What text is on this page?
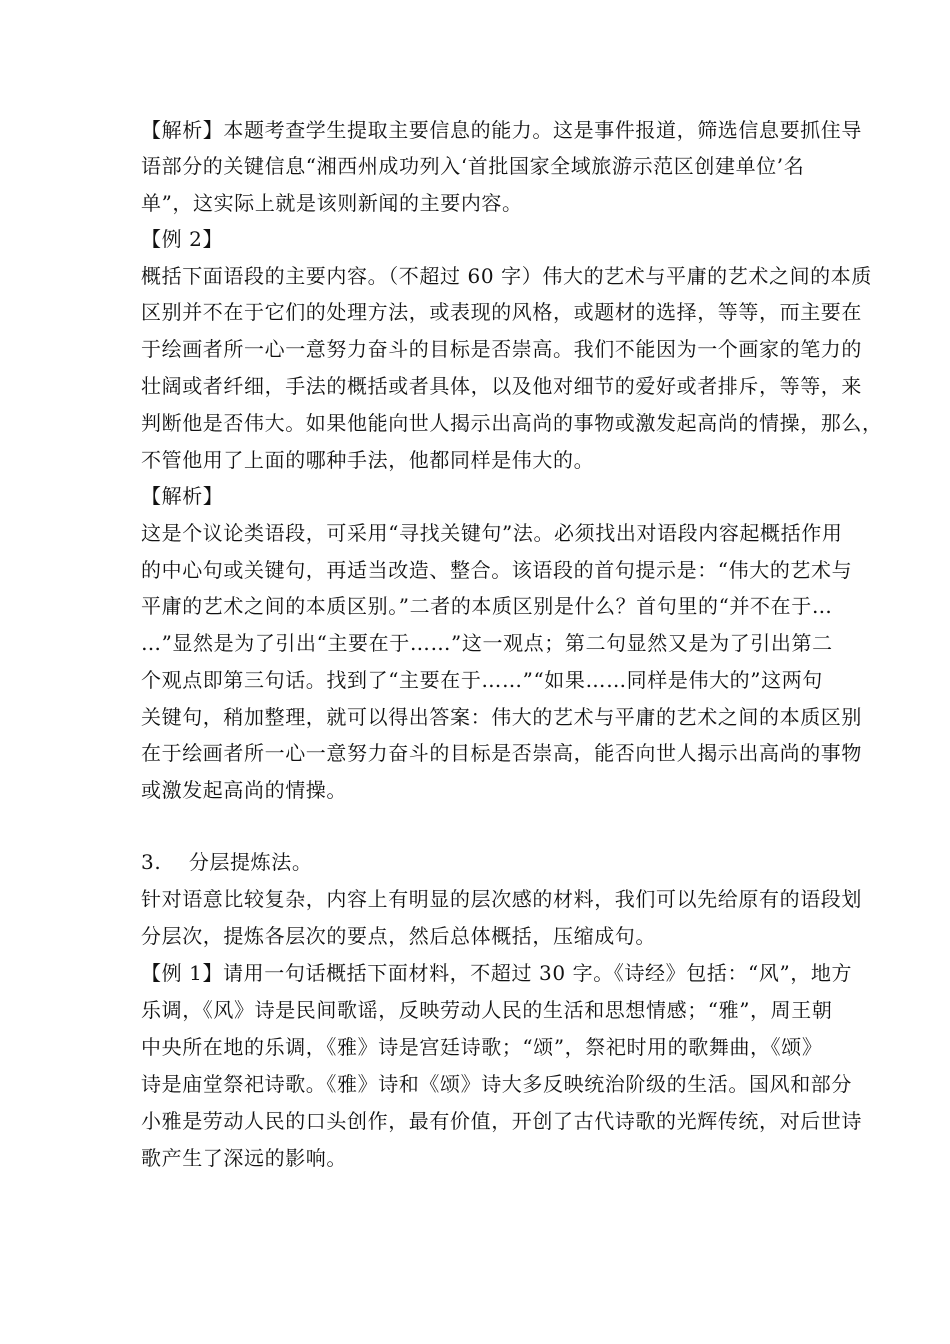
【解析】本题考查学生提取主要信息的能力。这是事件报道，筛选信息要抓住导
语部分的关键信息“湘西州成功列入‘首批国家全域旅游示范区创建单位’名
单”，这实际上就是该则新闻的主要内容。
【例 2】
概括下面语段的主要内容。（不超过 60 字）伟大的艺术与平庸的艺术之间的本质
区别并不在于它们的处理方法，或表现的风格，或题材的选择，等等，而主要在
于绘画者所一心一意努力奋斗的目标是否崇高。我们不能因为一个画家的笔力的
壮阔或者纤细，手法的概括或者具体，以及他对细节的爱好或者排斥，等等，来
判断他是否伟大。如果他能向世人揭示出高尚的事物或激发起高尚的情操，那么，
不管他用了上面的哪种手法，他都同样是伟大的。
【解析】
这是个议论类语段，可采用“寻找关键句”法。必须找出对语段内容起概括作用
的中心句或关键句，再适当改造、整合。该语段的首句提示是：“伟大的艺术与
平庸的艺术之间的本质区别。”二者的本质区别是什么？首句里的“并不在于…
…”显然是为了引出“主要在于……”这一观点；第二句显然又是为了引出第二
个观点即第三句话。找到了“主要在于……”“如果……同样是伟大的”这两句
关键句，稍加整理，就可以得出答案：伟大的艺术与平庸的艺术之间的本质区别
在于绘画者所一心一意努力奋斗的目标是否崇高，能否向世人揭示出高尚的事物
或激发起高尚的情操。
3.　 分层提炼法。
针对语意比较复杂，内容上有明显的层次感的材料，我们可以先给原有的语段划
分层次，提炼各层次的要点，然后总体概括，压缩成句。
【例 1】请用一句话概括下面材料，不超过 30 字。《诗经》包括：“风”，地方
乐调，《风》诗是民间歌谣，反映劳动人民的生活和思想情感；“雅”，周王朝
中央所在地的乐调，《雅》诗是宫廷诗歌；“颂”，祭祀时用的歌舞曲，《颂》
诗是庙堂祭祀诗歌。《雅》诗和《颂》诗大多反映统治阶级的生活。国风和部分
小雅是劳动人民的口头创作，最有价值，开创了古代诗歌的光辉传统，对后世诗
歌产生了深远的影响。
